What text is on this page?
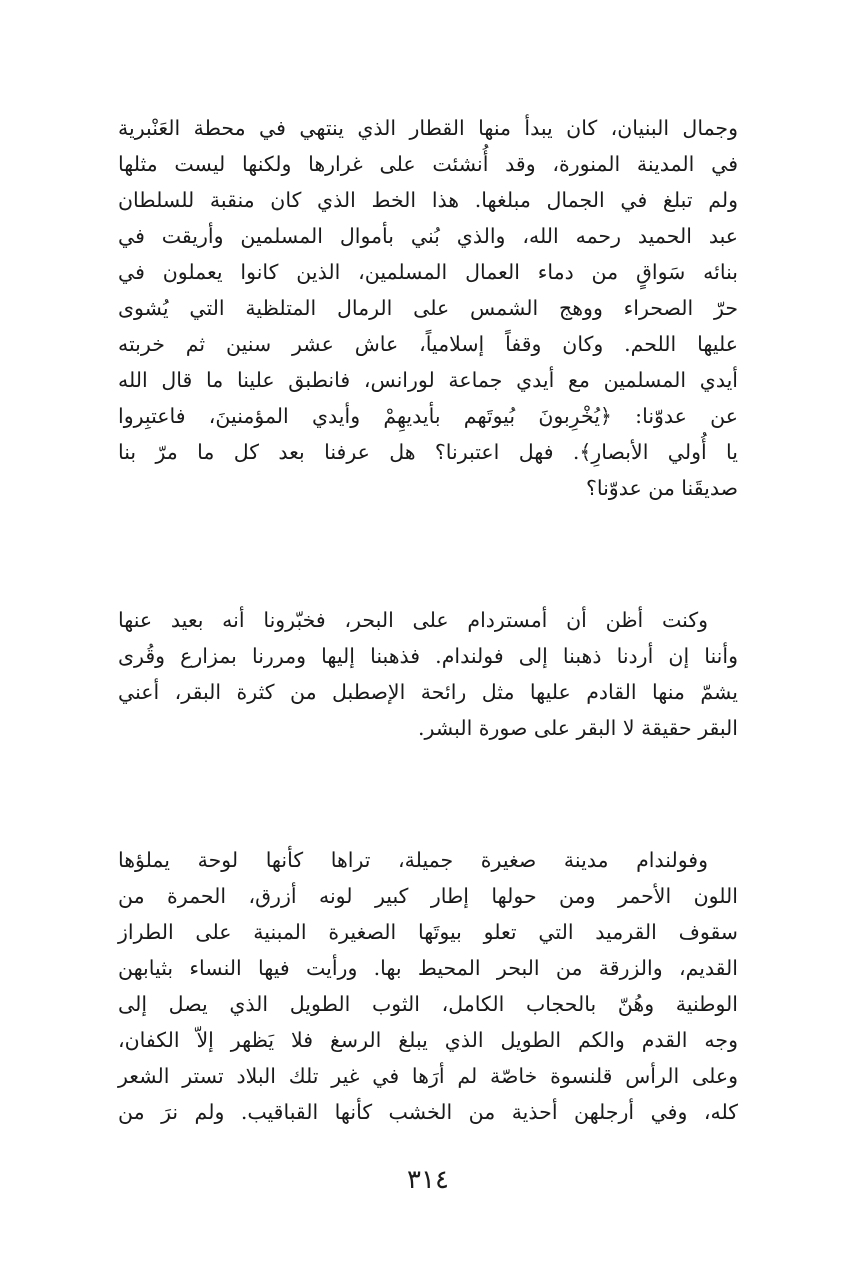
وجمال البنيان، كان يبدأ منها القطار الذي ينتهي في محطة العَنْبرية
في المدينة المنورة، وقد أُنشئت على غرارها ولكنها ليست مثلها
ولم تبلغ في الجمال مبلغها. هذا الخط الذي كان منقبة للسلطان
عبد الحميد رحمه الله، والذي بُني بأموال المسلمين وأريقت في
بنائه سَواقٍ من دماء العمال المسلمين، الذين كانوا يعملون في
حرّ الصحراء ووهج الشمس على الرمال المتلظية التي يُشوى
عليها اللحم. وكان وقفاً إسلامياً، عاش عشر سنين ثم خربته
أيدي المسلمين مع أيدي جماعة لورانس، فانطبق علينا ما قال الله
عن عدوّنا: ﴿يُخْرِبونَ بُيوتَهم بأيديهِمْ وأيدي المؤمنينَ، فاعتبِروا
يا أُولي الأبصارِ﴾. فهل اعتبرنا؟ هل عرفنا بعد كل ما مرّ بنا
صديقَنا من عدوّنا؟
وكنت أظن أن أمستردام على البحر، فخبّرونا أنه بعيد عنها
وأننا إن أردنا ذهبنا إلى فولندام. فذهبنا إليها ومررنا بمزارع وقُرى
يشمّ منها القادم عليها مثل رائحة الإصطبل من كثرة البقر، أعني
البقر حقيقة لا البقر على صورة البشر.
وفولندام مدينة صغيرة جميلة، تراها كأنها لوحة يملؤها
اللون الأحمر ومن حولها إطار كبير لونه أزرق، الحمرة من
سقوف القرميد التي تعلو بيوتَها الصغيرة المبنية على الطراز
القديم، والزرقة من البحر المحيط بها. ورأيت فيها النساء بثيابهن
الوطنية وهُنّ بالحجاب الكامل، الثوب الطويل الذي يصل إلى
وجه القدم والكم الطويل الذي يبلغ الرسغ فلا يَظهر إلاّ الكفان،
وعلى الرأس قلنسوة خاصّة لم أرَها في غير تلك البلاد تستر الشعر
كله، وفي أرجلهن أحذية من الخشب كأنها القباقيب. ولم نرَ من
٣١٤
